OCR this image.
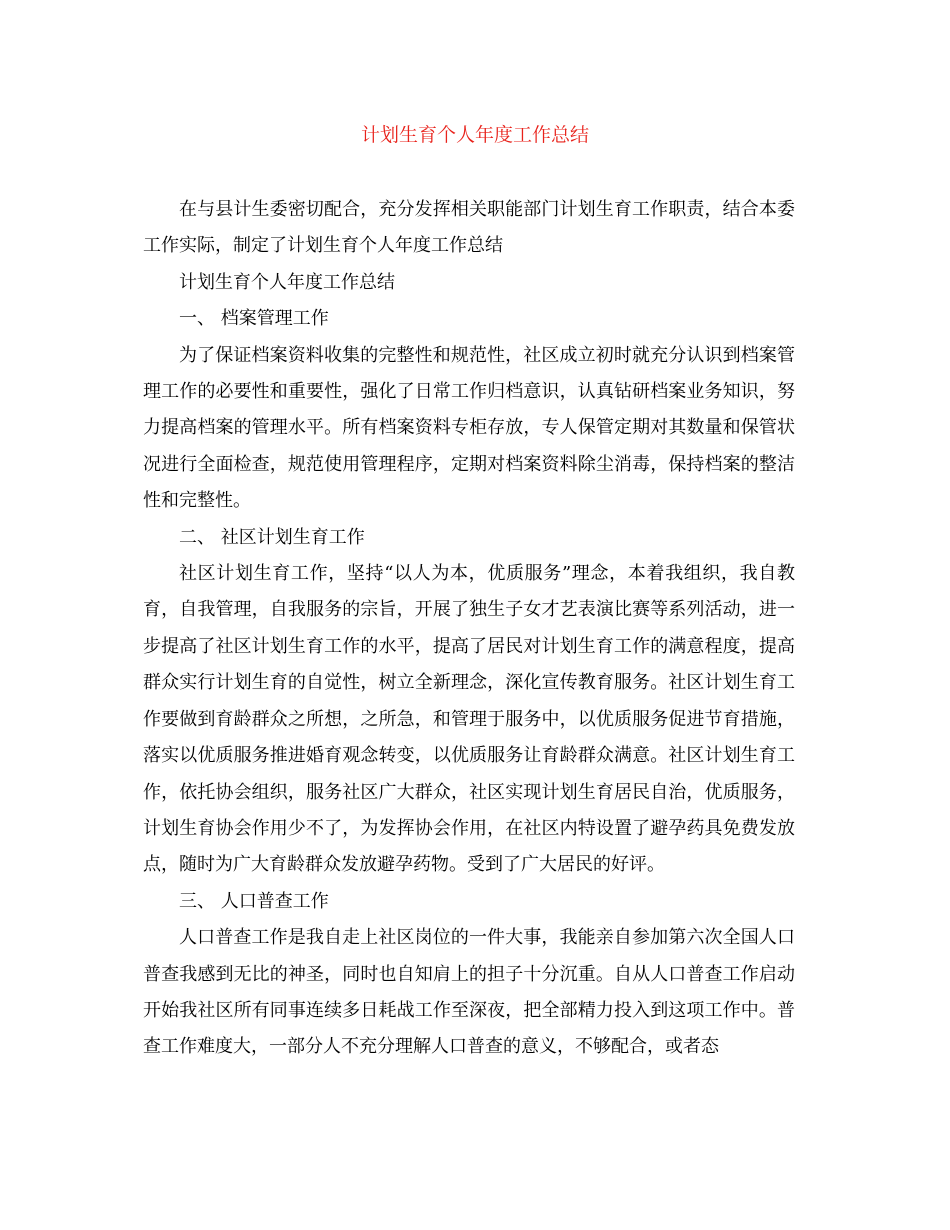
计划生育个人年度工作总结

在与县计生委密切配合，充分发挥相关职能部门计划生育工作职责，结合本委工作实际，制定了计划生育个人年度工作总结

计划生育个人年度工作总结

一、 档案管理工作

为了保证档案资料收集的完整性和规范性，社区成立初时就充分认识到档案管理工作的必要性和重要性，强化了日常工作归档意识，认真钻研档案业务知识，努力提高档案的管理水平。所有档案资料专柜存放，专人保管定期对其数量和保管状况进行全面检查，规范使用管理程序，定期对档案资料除尘消毒，保持档案的整洁性和完整性。

二、 社区计划生育工作

社区计划生育工作，坚持“以人为本，优质服务”理念，本着我组织，我自教育，自我管理，自我服务的宗旨，开展了独生子女才艺表演比赛等系列活动，进一步提高了社区计划生育工作的水平，提高了居民对计划生育工作的满意程度，提高群众实行计划生育的自觉性，树立全新理念，深化宣传教育服务。社区计划生育工作要做到育龄群众之所想，之所急，和管理于服务中，以优质服务促进节育措施，落实以优质服务推进婚育观念转变，以优质服务让育龄群众满意。社区计划生育工作，依托协会组织，服务社区广大群众，社区实现计划生育居民自治，优质服务，计划生育协会作用少不了，为发挥协会作用，在社区内特设置了避孕药具免费发放点，随时为广大育龄群众发放避孕药物。受到了广大居民的好评。

三、 人口普查工作

人口普查工作是我自走上社区岗位的一件大事，我能亲自参加第六次全国人口普查我感到无比的神圣，同时也自知肩上的担子十分沉重。自从人口普查工作启动开始我社区所有同事连续多日耗战工作至深夜，把全部精力投入到这项工作中。普查工作难度大，一部分人不充分理解人口普查的意义，不够配合，或者态
